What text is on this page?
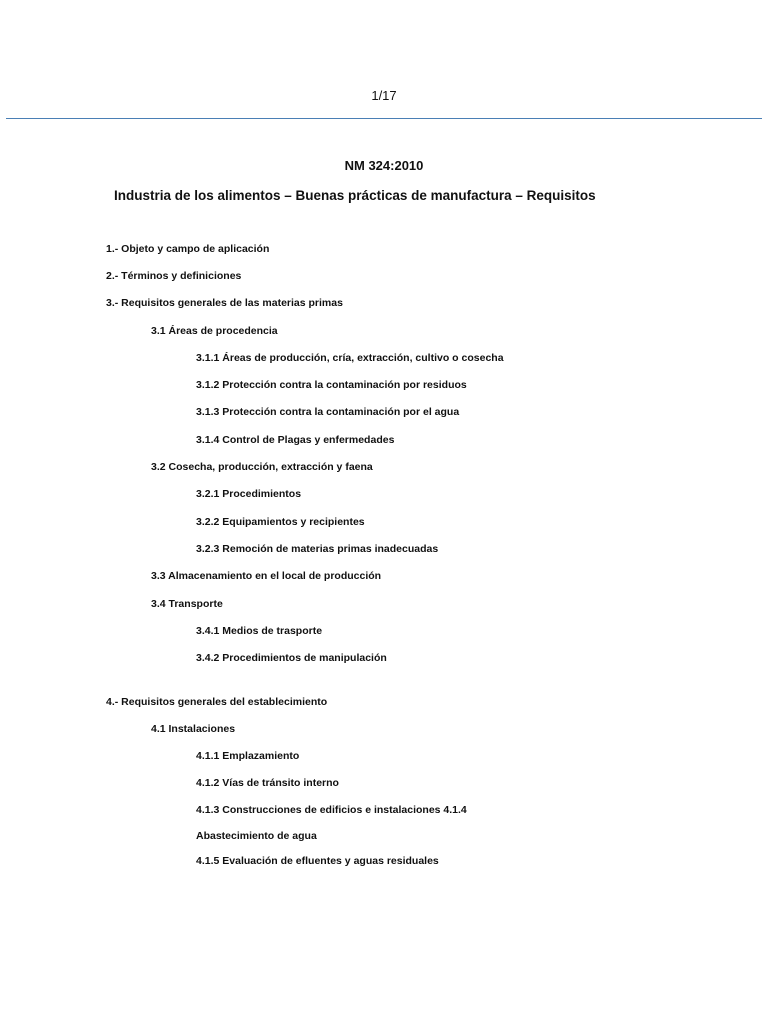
1/17
NM 324:2010
Industria de los alimentos – Buenas prácticas de manufactura – Requisitos
1.- Objeto y campo de aplicación
2.- Términos y definiciones
3.- Requisitos generales de las materias primas
3.1 Áreas de procedencia
3.1.1 Áreas de producción, cría, extracción, cultivo o cosecha
3.1.2 Protección contra la contaminación por residuos
3.1.3 Protección contra la contaminación por el agua
3.1.4 Control de Plagas y enfermedades
3.2 Cosecha, producción, extracción y faena
3.2.1 Procedimientos
3.2.2 Equipamientos y recipientes
3.2.3 Remoción de materias primas inadecuadas
3.3 Almacenamiento en el local de producción
3.4 Transporte
3.4.1 Medios de trasporte
3.4.2 Procedimientos de manipulación
4.- Requisitos generales del establecimiento
4.1 Instalaciones
4.1.1 Emplazamiento
4.1.2 Vías de tránsito interno
4.1.3 Construcciones de edificios e instalaciones 4.1.4
Abastecimiento de agua
4.1.5 Evaluación de efluentes y aguas residuales
